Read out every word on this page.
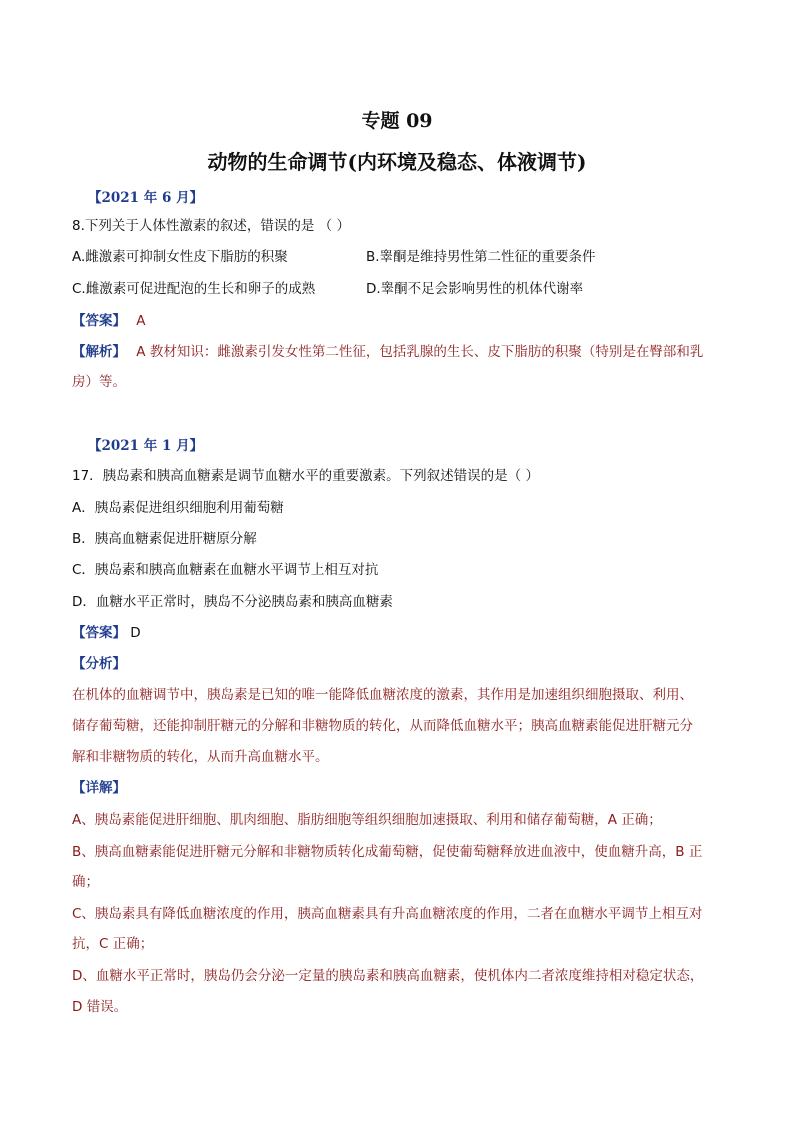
专题 09
动物的生命调节(内环境及稳态、体液调节)
【2021 年 6 月】
8.下列关于人体性激素的叙述，错误的是 （ ）
A.雌激素可抑制女性皮下脂肪的积聚	B.睾酮是维持男性第二性征的重要条件
C.雌激素可促进配泡的生长和卵子的成熟	D.睾酮不足会影响男性的机体代谢率
【答案】 A
【解析】 A 教材知识：雌激素引发女性第二性征，包括乳腺的生长、皮下脂肪的积聚（特别是在臀部和乳
房）等。
【2021 年 1 月】
17．胰岛素和胰高血糖素是调节血糖水平的重要激素。下列叙述错误的是（ ）
A．胰岛素促进组织细胞利用葡萄糖
B．胰高血糖素促进肝糖原分解
C．胰岛素和胰高血糖素在血糖水平调节上相互对抗
D．血糖水平正常时，胰岛不分泌胰岛素和胰高血糖素
【答案】 D
【分析】
在机体的血糖调节中，胰岛素是已知的唯一能降低血糖浓度的激素，其作用是加速组织细胞摄取、利用、
储存葡萄糖，还能抑制肝糖元的分解和非糖物质的转化，从而降低血糖水平；胰高血糖素能促进肝糖元分
解和非糖物质的转化，从而升高血糖水平。
【详解】
A、胰岛素能促进肝细胞、肌肉细胞、脂肪细胞等组织细胞加速摄取、利用和储存葡萄糖，A 正确；
B、胰高血糖素能促进肝糖元分解和非糖物质转化成葡萄糖，促使葡萄糖释放进血液中，使血糖升高，B 正
确；
C、胰岛素具有降低血糖浓度的作用，胰高血糖素具有升高血糖浓度的作用，二者在血糖水平调节上相互对
抗，C 正确；
D、血糖水平正常时，胰岛仍会分泌一定量的胰岛素和胰高血糖素，使机体内二者浓度维持相对稳定状态，
D 错误。
